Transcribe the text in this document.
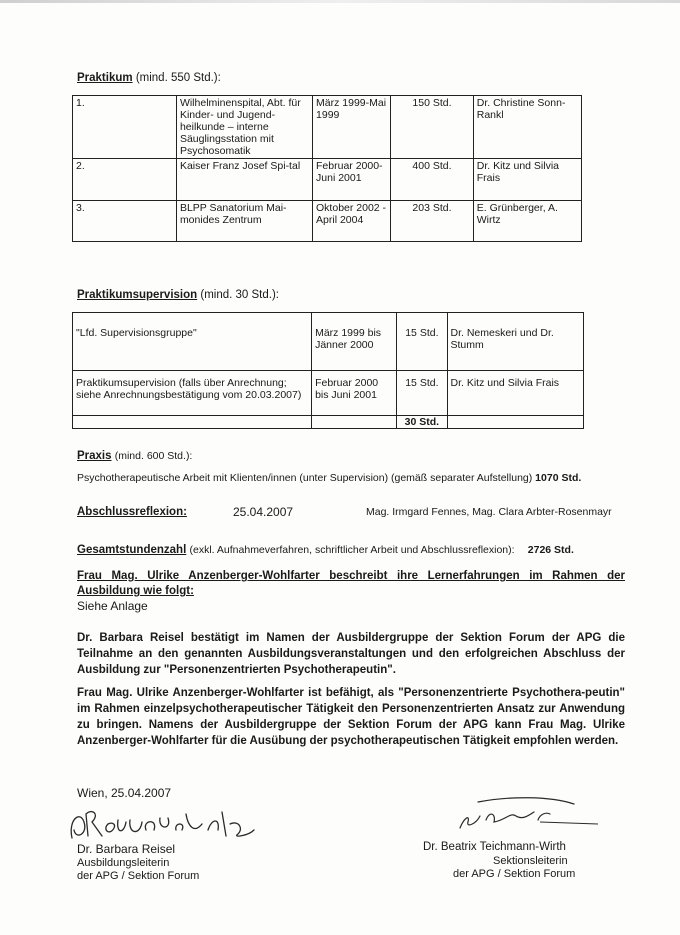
Praktikum (mind. 550 Std.):
1.	Wilhelminenspital, Abt. für Kinder- und Jugend-heilkunde – interne Säuglingsstation mit Psychosomatik	März 1999-Mai 1999	150 Std.	Dr. Christine Sonn-Rankl
2.	Kaiser Franz Josef Spi-tal	Februar 2000-Juni 2001	400 Std.	Dr. Kitz und Silvia Frais
3.	BLPP Sanatorium Mai-monides Zentrum	Oktober 2002 - April 2004	203 Std.	E. Grünberger, A. Wirtz
Praktikumsupervision (mind. 30 Std.):
"Lfd. Supervisionsgruppe"	März 1999 bis Jänner 2000	15 Std.	Dr. Nemeskeri und Dr. Stumm
Praktikumsupervision (falls über Anrechnung; siehe Anrechnungsbestätigung vom 20.03.2007)	Februar 2000 bis Juni 2001	15 Std.	Dr. Kitz und Silvia Frais
		30 Std.	
Praxis (mind. 600 Std.):
Psychotherapeutische Arbeit mit Klienten/innen (unter Supervision) (gemäß separater Aufstellung) 1070 Std.
Abschlussreflexion:	25.04.2007	Mag. Irmgard Fennes, Mag. Clara Arbter-Rosenmayr
Gesamtstundenzahl (exkl. Aufnahmeverfahren, schriftlicher Arbeit und Abschlussreflexion): 2726 Std.
Frau Mag. Ulrike Anzenberger-Wohlfarter beschreibt ihre Lernerfahrungen im Rahmen der Ausbildung wie folgt:
Siehe Anlage
Dr. Barbara Reisel bestätigt im Namen der Ausbildergruppe der Sektion Forum der APG die Teilnahme an den genannten Ausbildungsveranstaltungen und den erfolgreichen Abschluss der Ausbildung zur "Personenzentrierten Psychotherapeutin".
Frau Mag. Ulrike Anzenberger-Wohlfarter ist befähigt, als "Personenzentrierte Psychothera-peutin" im Rahmen einzelpsychotherapeutischer Tätigkeit den Personenzentrierten Ansatz zur Anwendung zu bringen. Namens der Ausbildergruppe der Sektion Forum der APG kann Frau Mag. Ulrike Anzenberger-Wohlfarter für die Ausübung der psychotherapeutischen Tätigkeit empfohlen werden.
Wien, 25.04.2007
Dr. Barbara Reisel
Ausbildungsleiterin
der APG / Sektion Forum
Dr. Beatrix Teichmann-Wirth
Sektionsleiterin
der APG / Sektion Forum
